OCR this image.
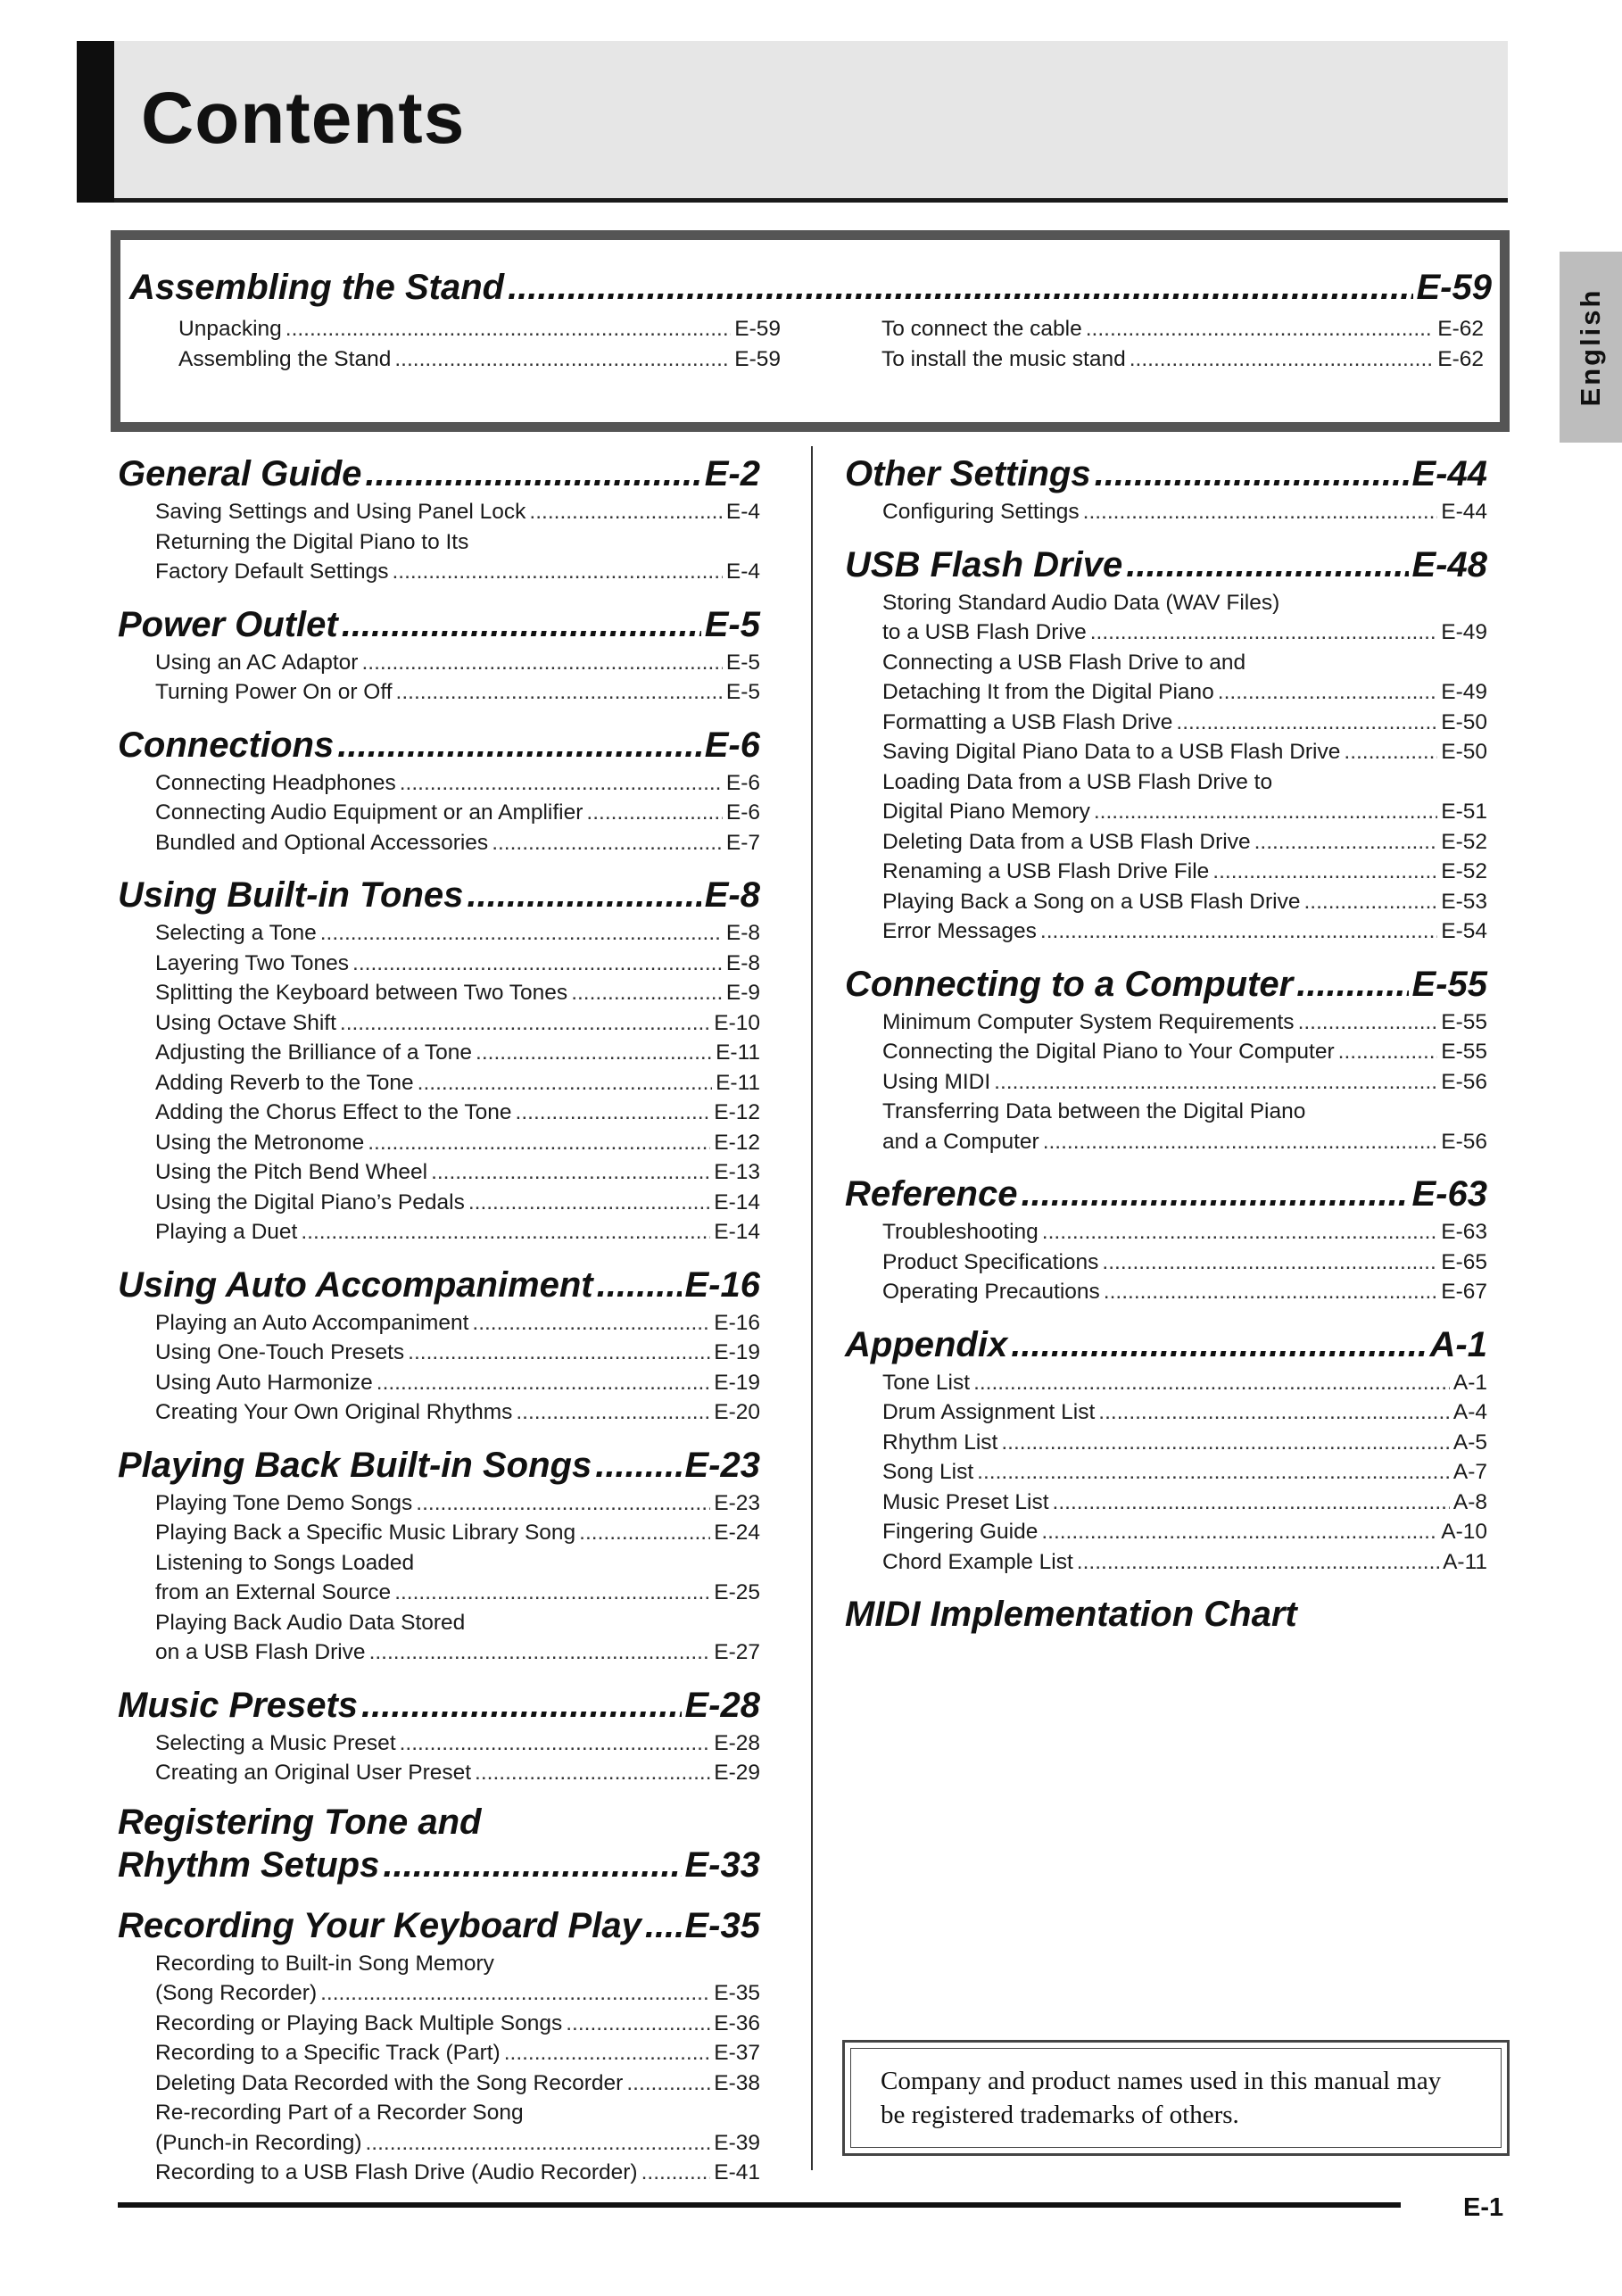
Contents
English
Assembling the Stand .....	E-59
Unpacking .....	E-59
Assembling the Stand .....	E-59
To connect the cable .....	E-62
To install the music stand .....	E-62
General Guide .....	E-2
Saving Settings and Using Panel Lock .....	E-4
Returning the Digital Piano to Its
Factory Default Settings .....	E-4
Power Outlet .....	E-5
Using an AC Adaptor .....	E-5
Turning Power On or Off .....	E-5
Connections .....	E-6
Connecting Headphones .....	E-6
Connecting Audio Equipment or an Amplifier .....	E-6
Bundled and Optional Accessories .....	E-7
Using Built-in Tones .....	E-8
Selecting a Tone .....	E-8
Layering Two Tones .....	E-8
Splitting the Keyboard between Two Tones .....	E-9
Using Octave Shift .....	E-10
Adjusting the Brilliance of a Tone .....	E-11
Adding Reverb to the Tone .....	E-11
Adding the Chorus Effect to the Tone .....	E-12
Using the Metronome .....	E-12
Using the Pitch Bend Wheel .....	E-13
Using the Digital Piano’s Pedals .....	E-14
Playing a Duet .....	E-14
Using Auto Accompaniment .....	E-16
Playing an Auto Accompaniment .....	E-16
Using One-Touch Presets .....	E-19
Using Auto Harmonize .....	E-19
Creating Your Own Original Rhythms .....	E-20
Playing Back Built-in Songs .....	E-23
Playing Tone Demo Songs .....	E-23
Playing Back a Specific Music Library Song .....	E-24
Listening to Songs Loaded
from an External Source .....	E-25
Playing Back Audio Data Stored
on a USB Flash Drive .....	E-27
Music Presets .....	E-28
Selecting a Music Preset .....	E-28
Creating an Original User Preset .....	E-29
Registering Tone and
Rhythm Setups .....	E-33
Recording Your Keyboard Play ..... E-35
Recording to Built-in Song Memory
(Song Recorder) .....	E-35
Recording or Playing Back Multiple Songs .....	E-36
Recording to a Specific Track (Part) .....	E-37
Deleting Data Recorded with the Song Recorder .....	E-38
Re-recording Part of a Recorder Song
(Punch-in Recording) .....	E-39
Recording to a USB Flash Drive (Audio Recorder) .....	E-41
Other Settings .....	E-44
Configuring Settings .....	E-44
USB Flash Drive .....	E-48
Storing Standard Audio Data (WAV Files)
to a USB Flash Drive .....	E-49
Connecting a USB Flash Drive to and
Detaching It from the Digital Piano .....	E-49
Formatting a USB Flash Drive .....	E-50
Saving Digital Piano Data to a USB Flash Drive .....	E-50
Loading Data from a USB Flash Drive to
Digital Piano Memory .....	E-51
Deleting Data from a USB Flash Drive .....	E-52
Renaming a USB Flash Drive File .....	E-52
Playing Back a Song on a USB Flash Drive .....	E-53
Error Messages .....	E-54
Connecting to a Computer .....	E-55
Minimum Computer System Requirements .....	E-55
Connecting the Digital Piano to Your Computer .....	E-55
Using MIDI .....	E-56
Transferring Data between the Digital Piano
and a Computer .....	E-56
Reference .....	E-63
Troubleshooting .....	E-63
Product Specifications .....	E-65
Operating Precautions .....	E-67
Appendix .....	A-1
Tone List .....	A-1
Drum Assignment List .....	A-4
Rhythm List .....	A-5
Song List .....	A-7
Music Preset List .....	A-8
Fingering Guide .....	A-10
Chord Example List .....	A-11
MIDI Implementation Chart
Company and product names used in this manual may be registered trademarks of others.
E-1
